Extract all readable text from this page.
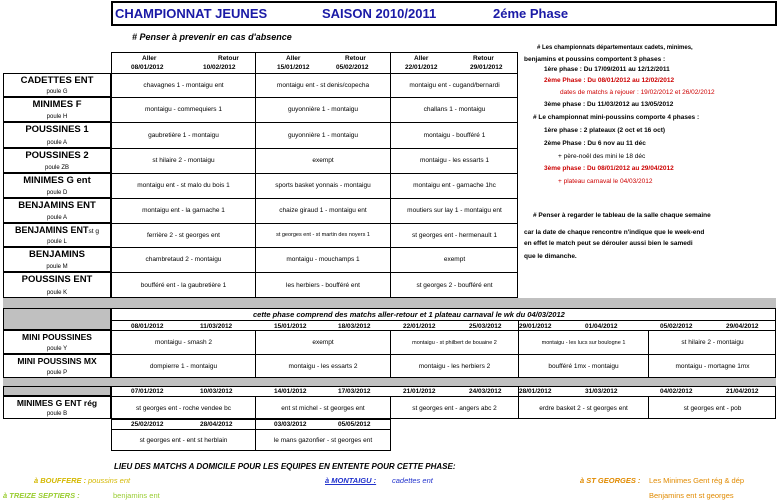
CHAMPIONNAT JEUNES	SAISON 2010/2011	2éme Phase
# Penser à prevenir en cas d'absence
Aller	Retour
08/01/2012	10/02/2012
Aller	Retour
15/01/2012	05/02/2012
Aller	Retour
22/01/2012	29/01/2012
CADETTES ENT
poule G
chavagnes 1 - montaigu ent	montaigu ent - st denis/copecha	montaigu ent - cugand/bernardi
MINIMES F
poule H
montaigu - commequiers 1	guyonnière 1 - montaigu	challans 1 - montaigu
POUSSINES 1
poule A
gaubretière 1 - montaigu	guyonnière 1 - montaigu	montaigu - boufféré 1
POUSSINES 2
poule ZB
st hilaire 2 - montaigu	exempt	montaigu - les essarts 1
MINIMES G ent
poule D
montaigu ent - st malo du bois 1	sports basket yonnais - montaigu	montaigu ent - garnache 1hc
BENJAMINS ENT
poule A
montaigu ent - la garnache 1	chaize giraud 1 - montaigu ent	moutiers sur lay 1 - montaigu ent
BENJAMINS ENTst g
poule L
ferrière 2 - st georges ent	st georges ent - st martin des noyers 1	st georges ent - hermenault 1
BENJAMINS
poule M
chambretaud 2 - montaigu	montaigu - mouchamps 1	exempt
POUSSINS ENT
poule K
boufféré ent - la gaubretière 1	les herbiers - boufféré ent	st georges 2 - boufféré ent
# Les championnats départementaux cadets, minimes,
benjamins et poussins comportent 3 phases :
1ère phase : Du 17/09/2011 au 12/12/2011
2ème Phase : Du 08/01/2012 au 12/02/2012
dates de matchs à rejouer : 19/02/2012 et 26/02/2012
3ème phase : Du 11/03/2012 au 13/05/2012
# Le championnat mini-poussins comporte 4 phases :
1ère phase : 2 plateaux (2 oct et 16 oct)
2ème Phase : Du 6 nov au 11 déc
+ père-noël des mini le 18 déc
3ème phase : Du 08/01/2012 au 29/04/2012
+ plateau carnaval le 04/03/2012
# Penser à regarder le tableau de la salle chaque semaine
car la date de chaque rencontre n'indique que le week-end
en effet le match peut se dérouler aussi bien le samedi
que le dimanche.
cette phase comprend des matchs aller-retour et 1 plateau carnaval le wk du 04/03/2012
08/01/2012	11/03/2012	15/01/2012	18/03/2012	22/01/2012	25/03/2012	29/01/2012	01/04/2012	05/02/2012	29/04/2012
MINI POUSSINES
poule Y
montaigu - smash 2	exempt	montaigu - st philbert de bouaine 2	montaigu - les lucs sur boulogne 1	st hilaire 2 - montaigu
MINI POUSSINS MX
poule P
dompierre 1 - montaigu	montaigu - les essarts 2	montaigu - les herbiers 2	boufféré 1mx - montaigu	montaigu - mortagne 1mx
07/01/2012	10/03/2012	14/01/2012	17/03/2012	21/01/2012	24/03/2012	28/01/2012	31/03/2012	04/02/2012	21/04/2012
MINIMES G ENT rég
poule B
st georges ent - roche vendee bc	ent st michel - st georges ent	st georges ent - angers abc 2	erdre basket 2 - st georges ent	st georges ent - pob
25/02/2012	28/04/2012	03/03/2012	05/05/2012
st georges ent - ent st herblain	le mans gazonfier - st georges ent
LIEU DES MATCHS A DOMICILE POUR LES EQUIPES EN ENTENTE POUR CETTE PHASE:
à BOUFFERE : poussins ent	à MONTAIGU : cadettes ent	à ST GEORGES : Les Minimes Gent rég & dép
à TREIZE SEPTIERS :	benjamins ent	Benjamins ent st georges
